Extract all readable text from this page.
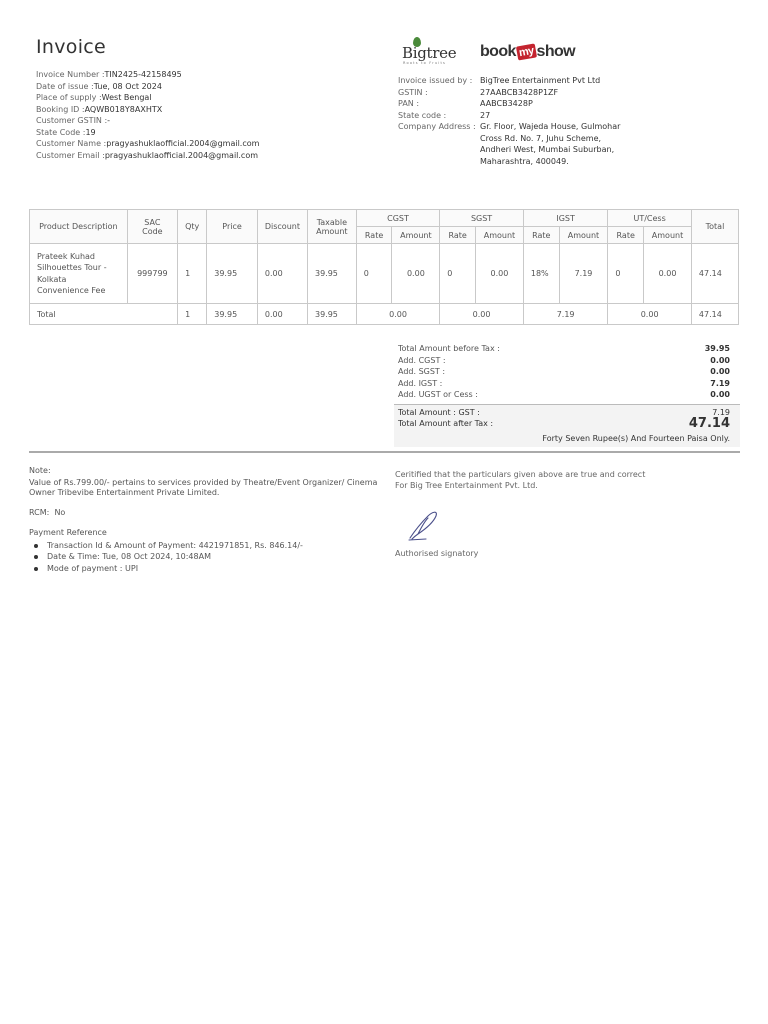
Invoice
Invoice Number : TIN2425-42158495
Date of issue : Tue, 08 Oct 2024
Place of supply : West Bengal
Booking ID : AQWB018Y8AXHTX
Customer GSTIN : -
State Code : 19
Customer Name : pragyashuklaofficial.2004@gmail.com
Customer Email : pragyashuklaofficial.2004@gmail.com
Bigtree
Roots to Fruits
book my show
Invoice issued by : BigTree Entertainment Pvt Ltd
GSTIN :	27AABCB3428P1ZF
PAN :	AABCB3428P
State code :	27
Company Address : Gr. Floor, Wajeda House, Gulmohar Cross Rd. No. 7, Juhu Scheme, Andheri West, Mumbai Suburban, Maharashtra, 400049.
Product Description	SAC Code	Qty	Price	Discount	Taxable Amount	CGST		SGST		IGST		UT/Cess		Total
						Rate	Amount	Rate	Amount	Rate	Amount	Rate	Amount	
Prateek Kuhad Silhouettes Tour - Kolkata Convenience Fee	999799	1	39.95	0.00	39.95	0	0.00	0	0.00	18%	7.19	0	0.00	47.14
Total		1	39.95	0.00	39.95	0.00		0.00		7.19		0.00		47.14
Total Amount before Tax :	39.95
Add. CGST :	0.00
Add. SGST :	0.00
Add. IGST :	7.19
Add. UGST or Cess :	0.00
Total Amount : GST :	7.19
Total Amount after Tax :	47.14
Forty Seven Rupee(s) And Fourteen Paisa Only.
Note:
Value of Rs.799.00/- pertains to services provided by Theatre/Event Organizer/ Cinema Owner Tribevibe Entertainment Private Limited.
RCM: No
Payment Reference
Transaction Id & Amount of Payment: 4421971851, Rs. 846.14/-
Date & Time: Tue, 08 Oct 2024, 10:48AM
Mode of payment : UPI
Ceritified that the particulars given above are true and correct
For Big Tree Entertainment Pvt. Ltd.
Authorised signatory
